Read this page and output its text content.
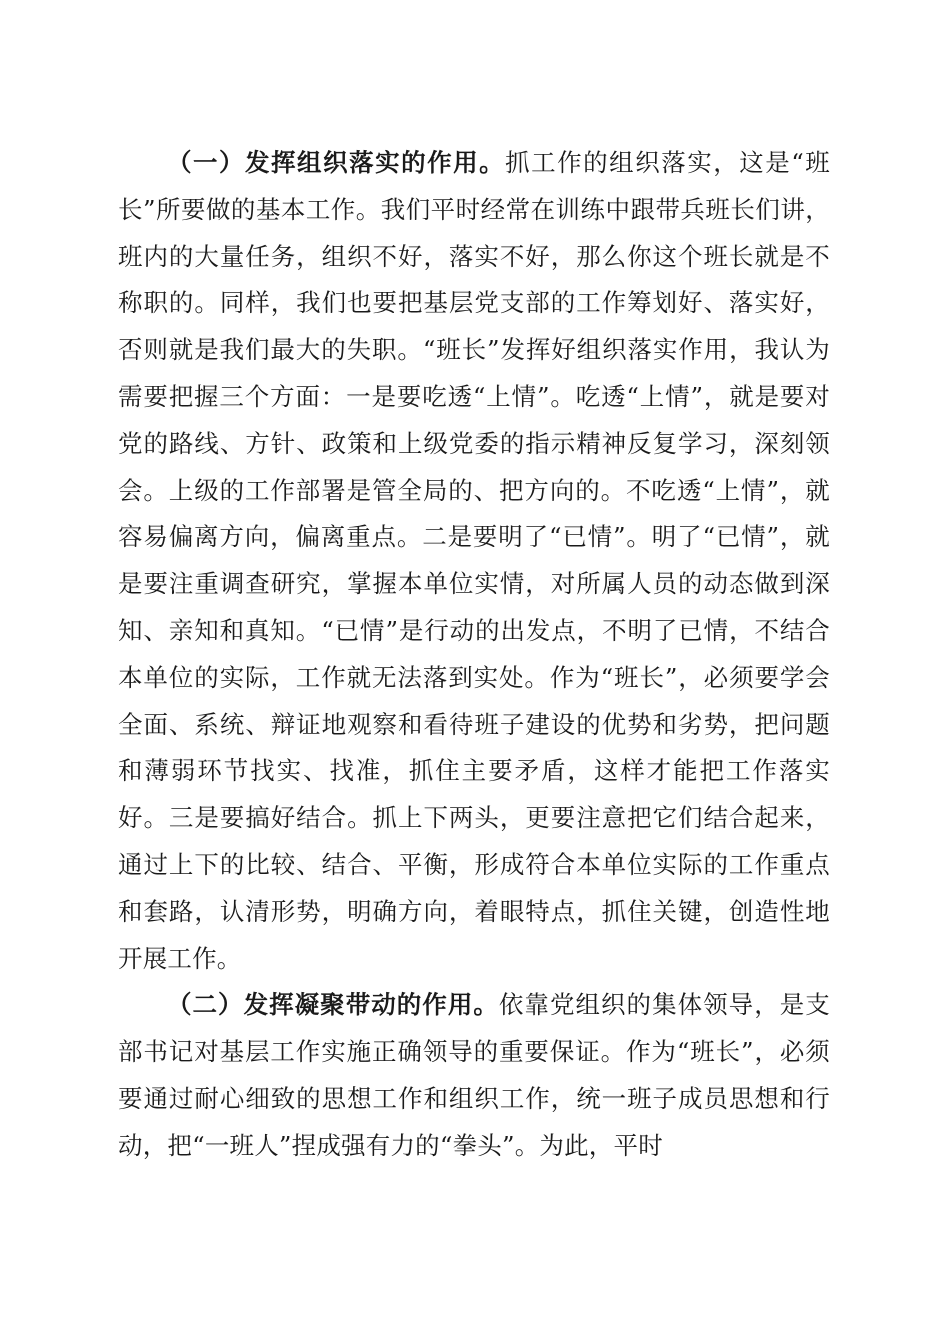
（一）发挥组织落实的作用。抓工作的组织落实，这是“班长”所要做的基本工作。我们平时经常在训练中跟带兵班长们讲，班内的大量任务，组织不好，落实不好，那么你这个班长就是不称职的。同样，我们也要把基层党支部的工作筹划好、落实好，否则就是我们最大的失职。“班长”发挥好组织落实作用，我认为需要把握三个方面：一是要吃透“上情”。吃透“上情”，就是要对党的路线、方针、政策和上级党委的指示精神反复学习，深刻领会。上级的工作部署是管全局的、把方向的。不吃透“上情”，就容易偏离方向，偏离重点。二是要明了“已情”。明了“已情”，就是要注重调查研究，掌握本单位实情，对所属人员的动态做到深知、亲知和真知。“已情”是行动的出发点，不明了已情，不结合本单位的实际，工作就无法落到实处。作为“班长”，必须要学会全面、系统、辩证地观察和看待班子建设的优势和劣势，把问题和薄弱环节找实、找准，抓住主要矛盾，这样才能把工作落实好。三是要搞好结合。抓上下两头，更要注意把它们结合起来，通过上下的比较、结合、平衡，形成符合本单位实际的工作重点和套路，认清形势，明确方向，着眼特点，抓住关键，创造性地开展工作。

（二）发挥凝聚带动的作用。依靠党组织的集体领导，是支部书记对基层工作实施正确领导的重要保证。作为“班长”，必须要通过耐心细致的思想工作和组织工作，统一班子成员思想和行动，把“一班人”捏成强有力的“拳头”。为此，平时
